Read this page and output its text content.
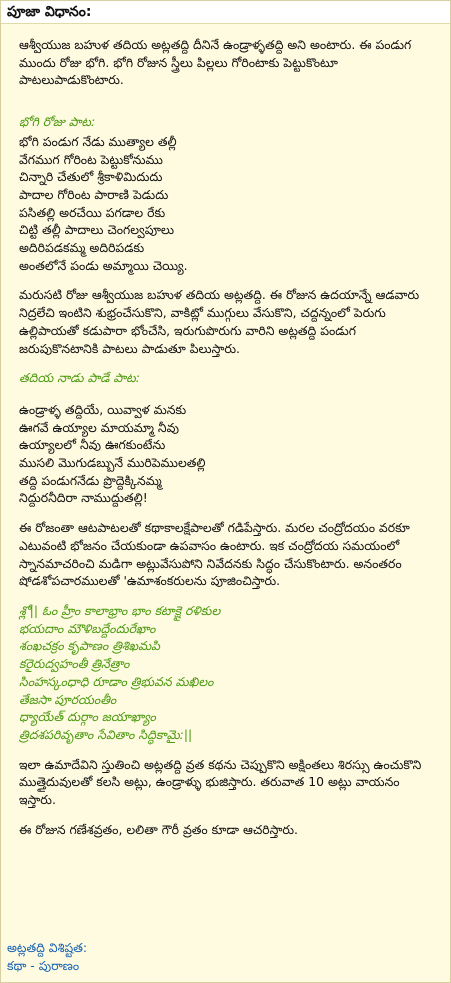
పూజా విధానం:

ఆశ్వీయుజ బహుళ తదియ అట్లతద్ది దీనినే ఉండ్రాళ్ళతద్ది అని అంటారు. ఈ పండుగ ముందు రోజు భోగి. భోగి రోజున స్త్రీలు పిల్లలు గోరింటాకు పెట్టుకొంటూ పాటలుపాడుకొంటారు.

భోగి రోజు పాట:
భోగి పండుగ నేడు ముత్యాల తల్లీ
వేగముగ గోరింట పెట్టుకోనుము
చిన్నారి చేతులో శ్రీకాళిమిదుదు
పాదాల గోరింట పారాణి పెడుదు
పసితల్లి అరచేయి పగడాల రేకు
చిట్టి తల్లీ పాదాలు చెంగల్వపూలు
అదిరిపడకమ్మ అదిరిపడకు
అంతలోనే పండు అమ్మాయి చెయ్యి.

మరుసటి రోజు ఆశ్వీయుజ బహుళ తదియ అట్లతద్ది. ఈ రోజున ఉదయాన్నే ఆడవారు నిద్రలేచి ఇంటిని శుభ్రంచేసుకొని, వాకిట్లో ముగ్గులు వేసుకొని, చద్దన్నంలో పెరుగు ఉల్లిపాయతో కడుపారా భోంచేసి, ఇరుగుపొరుగు వారిని అట్లతద్ది పండుగ జరుపుకొనటానికి పాటలు పాడుతూ పిలుస్తారు.

తదియ నాడు పాడే పాట:
ఉండ్రాళ్ళ తద్దియే, యివ్వాళ మనకు
ఊగవే ఉయ్యాల మాయమ్మా నీవు
ఉయ్యాలలో నీవు ఊగకుంటేను
ముసలి మొగుడబ్బునే మురిపెములతల్లి
తద్ది పండుగనేడు ప్రొద్దెక్కినమ్మ
నిద్దురనీదిరా నాముద్దుతల్లి!

ఈ రోజంతా ఆటపాటలతో కథాకాలక్షేపాలతో గడిపేస్తారు. మరల చంద్రోదయం వరకూ ఎటువంటి భోజనం చేయకుండా ఉపవాసం ఉంటారు. ఇక చంద్రోదయ సమయంలో స్నానమాచరించి మడిగా అట్లువేసుపోని నివేదనకు సిద్ధం చేసుకొంటారు. అనంతరం షోడశోపచారములతో 'ఉమాశంకరులను పూజించిస్తారు.

శ్లో|| ఓం హ్రీం కాలాభ్రాం భాం కటాక్షై రళికుల
భయదాం మౌళిబద్దేందురేఖాం
శంఖచక్రం కృపాణం త్రిశిఖమపి
కరైరుద్వహంతీ త్రినేత్రాం
సింహస్కంధాధి రూడాం త్రిభువన మఖిలం
తేజసా పూరయంతీం
ధ్యాయేత్ దుర్గాం జయాఖ్యాం
త్రిదశపరివృతాం సేవితాం సిద్ధికామై:||

ఇలా ఉమాదేవిని స్తుతించి అట్లతద్ది వ్రత కథను చెప్పుకొని అక్షింతలు శిరస్సు ఉంచుకొని ముత్తైదువులతో కలసి అట్లు, ఉండ్రాళ్ళు భుజిస్తారు. తరువాత 10 అట్లు వాయనం ఇస్తారు.

ఈ రోజున గణేశవ్రతం, లలితా గౌరీ వ్రతం కూడా ఆచరిస్తారు.

అట్లతద్ది విశిష్టత:
కథా - పురాణం
